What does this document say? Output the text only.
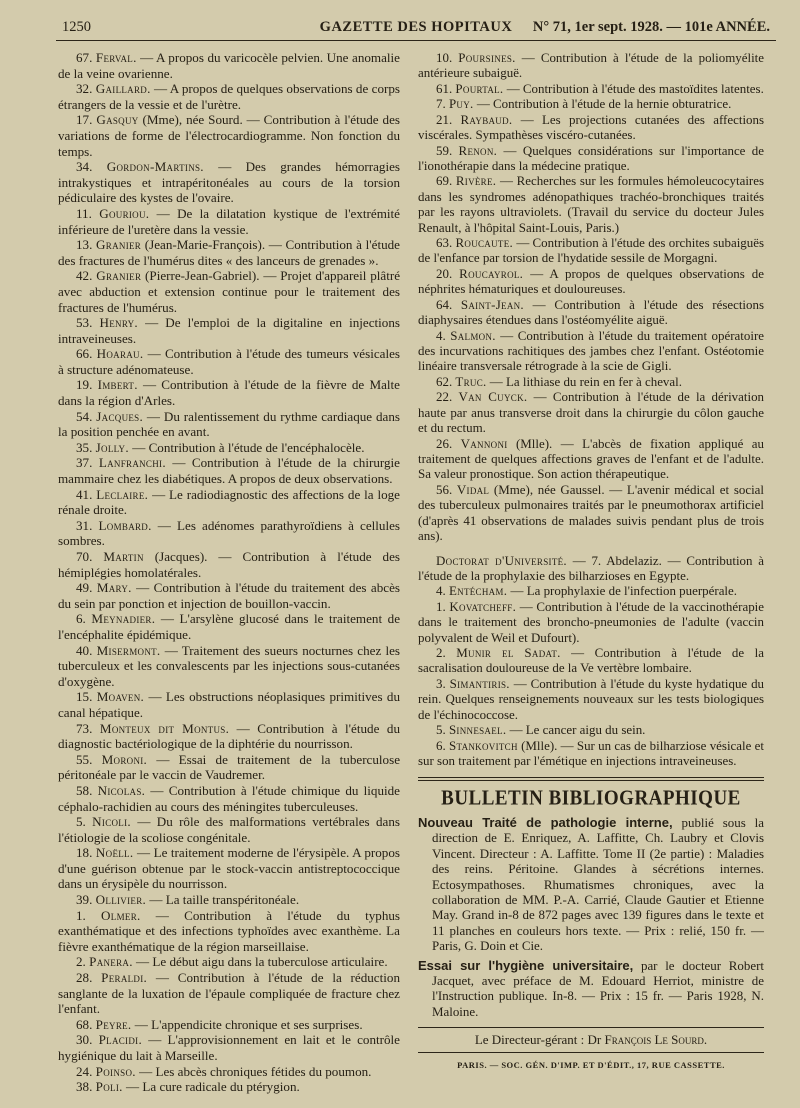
1250	GAZETTE DES HOPITAUX	N° 71, 1er sept. 1928. — 101e ANNÉE.

67. Ferval. — A propos du varicocèle pelvien. Une anomalie de la veine ovarienne.

32. Gaillard. — A propos de quelques observations de corps étrangers de la vessie et de l'urètre.

17. Gasquy (Mme), née Sourd. — Contribution à l'étude des variations de forme de l'électrocardiogramme. Non fonction du temps.

34. Gordon-Martins. — Des grandes hémorragies intrakystiques et intrapéritonéales au cours de la torsion pédiculaire des kystes de l'ovaire.

11. Gouriou. — De la dilatation kystique de l'extrémité inférieure de l'uretère dans la vessie.

13. Granier (Jean-Marie-François). — Contribution à l'étude des fractures de l'humérus dites « des lanceurs de grenades ».

42. Granier (Pierre-Jean-Gabriel). — Projet d'appareil plâtré avec abduction et extension continue pour le traitement des fractures de l'humérus.

53. Henry. — De l'emploi de la digitaline en injections intraveineuses.

66. Hoarau. — Contribution à l'étude des tumeurs vésicales à structure adénomateuse.

19. Imbert. — Contribution à l'étude de la fièvre de Malte dans la région d'Arles.

54. Jacques. — Du ralentissement du rythme cardiaque dans la position penchée en avant.

35. Jolly. — Contribution à l'étude de l'encéphalocèle.

37. Lanfranchi. — Contribution à l'étude de la chirurgie mammaire chez les diabétiques. A propos de deux observations.

41. Leclaire. — Le radiodiagnostic des affections de la loge rénale droite.

31. Lombard. — Les adénomes parathyroïdiens à cellules sombres.

70. Martin (Jacques). — Contribution à l'étude des hémiplégies homolatérales.

49. Mary. — Contribution à l'étude du traitement des abcès du sein par ponction et injection de bouillon-vaccin.

6. Meynadier. — L'arsylène glucosé dans le traitement de l'encéphalite épidémique.

40. Misermont. — Traitement des sueurs nocturnes chez les tuberculeux et les convalescents par les injections sous-cutanées d'oxygène.

15. Moaven. — Les obstructions néoplasiques primitives du canal hépatique.

73. Monteux dit Montus. — Contribution à l'étude du diagnostic bactériologique de la diphtérie du nourrisson.

55. Moroni. — Essai de traitement de la tuberculose péritonéale par le vaccin de Vaudremer.

58. Nicolas. — Contribution à l'étude chimique du liquide céphalo-rachidien au cours des méningites tuberculeuses.

5. Nicoli. — Du rôle des malformations vertébrales dans l'étiologie de la scoliose congénitale.

18. Noëll. — Le traitement moderne de l'érysipèle. A propos d'une guérison obtenue par le stock-vaccin antistreptococcique dans un érysipèle du nourrisson.

39. Ollivier. — La taille transpéritonéale.

1. Olmer. — Contribution à l'étude du typhus exanthématique et des infections typhoïdes avec exanthème. La fièvre exanthématique de la région marseillaise.

2. Panera. — Le début aigu dans la tuberculose articulaire.

28. Peraldi. — Contribution à l'étude de la réduction sanglante de la luxation de l'épaule compliquée de fracture chez l'enfant.

68. Peyre. — L'appendicite chronique et ses surprises.

30. Placidi. — L'approvisionnement en lait et le contrôle hygiénique du lait à Marseille.

24. Poinso. — Les abcès chroniques fétides du poumon.

38. Poli. — La cure radicale du ptérygion.

10. Poursines. — Contribution à l'étude de la poliomyélite antérieure subaiguë.

61. Pourtal. — Contribution à l'étude des mastoïdites latentes.

7. Puy. — Contribution à l'étude de la hernie obturatrice.

21. Raybaud. — Les projections cutanées des affections viscérales. Sympathèses viscéro-cutanées.

59. Renon. — Quelques considérations sur l'importance de l'ionothérapie dans la médecine pratique.

69. Rivère. — Recherches sur les formules hémoleucocytaires dans les syndromes adénopathiques trachéo-bronchiques traités par les rayons ultraviolets. (Travail du service du docteur Jules Renault, à l'hôpital Saint-Louis, Paris.)

63. Roucaute. — Contribution à l'étude des orchites subaiguës de l'enfance par torsion de l'hydatide sessile de Morgagni.

20. Roucayrol. — A propos de quelques observations de néphrites hématuriques et douloureuses.

64. Saint-Jean. — Contribution à l'étude des résections diaphysaires étendues dans l'ostéomyélite aiguë.

4. Salmon. — Contribution à l'étude du traitement opératoire des incurvations rachitiques des jambes chez l'enfant. Ostéotomie linéaire transversale rétrograde à la scie de Gigli.

62. Truc. — La lithiase du rein en fer à cheval.

22. Van Cuyck. — Contribution à l'étude de la dérivation haute par anus transverse droit dans la chirurgie du côlon gauche et du rectum.

26. Vannoni (Mlle). — L'abcès de fixation appliqué au traitement de quelques affections graves de l'enfant et de l'adulte. Sa valeur pronostique. Son action thérapeutique.

56. Vidal (Mme), née Gaussel. — L'avenir médical et social des tuberculeux pulmonaires traités par le pneumothorax artificiel (d'après 41 observations de malades suivis pendant plus de trois ans).

Doctorat d'Université. — 7. Abdelaziz. — Contribution à l'étude de la prophylaxie des bilharzioses en Egypte.

4. Entécham. — La prophylaxie de l'infection puerpérale.

1. Kovatcheff. — Contribution à l'étude de la vaccinothérapie dans le traitement des broncho-pneumonies de l'adulte (vaccin polyvalent de Weil et Dufourt).

2. Munir el Sadat. — Contribution à l'étude de la sacralisation douloureuse de la Ve vertèbre lombaire.

3. Simantiris. — Contribution à l'étude du kyste hydatique du rein. Quelques renseignements nouveaux sur les tests biologiques de l'échinococcose.

5. Sinnesael. — Le cancer aigu du sein.

6. Stankovitch (Mlle). — Sur un cas de bilharziose vésicale et sur son traitement par l'émétique en injections intraveineuses.

BULLETIN BIBLIOGRAPHIQUE

Nouveau Traité de pathologie interne, publié sous la direction de E. Enriquez, A. Laffitte, Ch. Laubry et Clovis Vincent. Directeur : A. Laffitte. Tome II (2e partie) : Maladies des reins. Péritoine. Glandes à sécrétions internes. Ectosympathoses. Rhumatismes chroniques, avec la collaboration de MM. P.-A. Carrié, Claude Gautier et Etienne May. Grand in-8 de 872 pages avec 139 figures dans le texte et 11 planches en couleurs hors texte. — Prix : relié, 150 fr. — Paris, G. Doin et Cie.

Essai sur l'hygiène universitaire, par le docteur Robert Jacquet, avec préface de M. Edouard Herriot, ministre de l'Instruction publique. In-8. — Prix : 15 fr. — Paris 1928, N. Maloine.

Le Directeur-gérant : Dr François Le Sourd.
PARIS. — SOC. GÉN. D'IMP. ET D'ÉDIT., 17, RUE CASSETTE.
